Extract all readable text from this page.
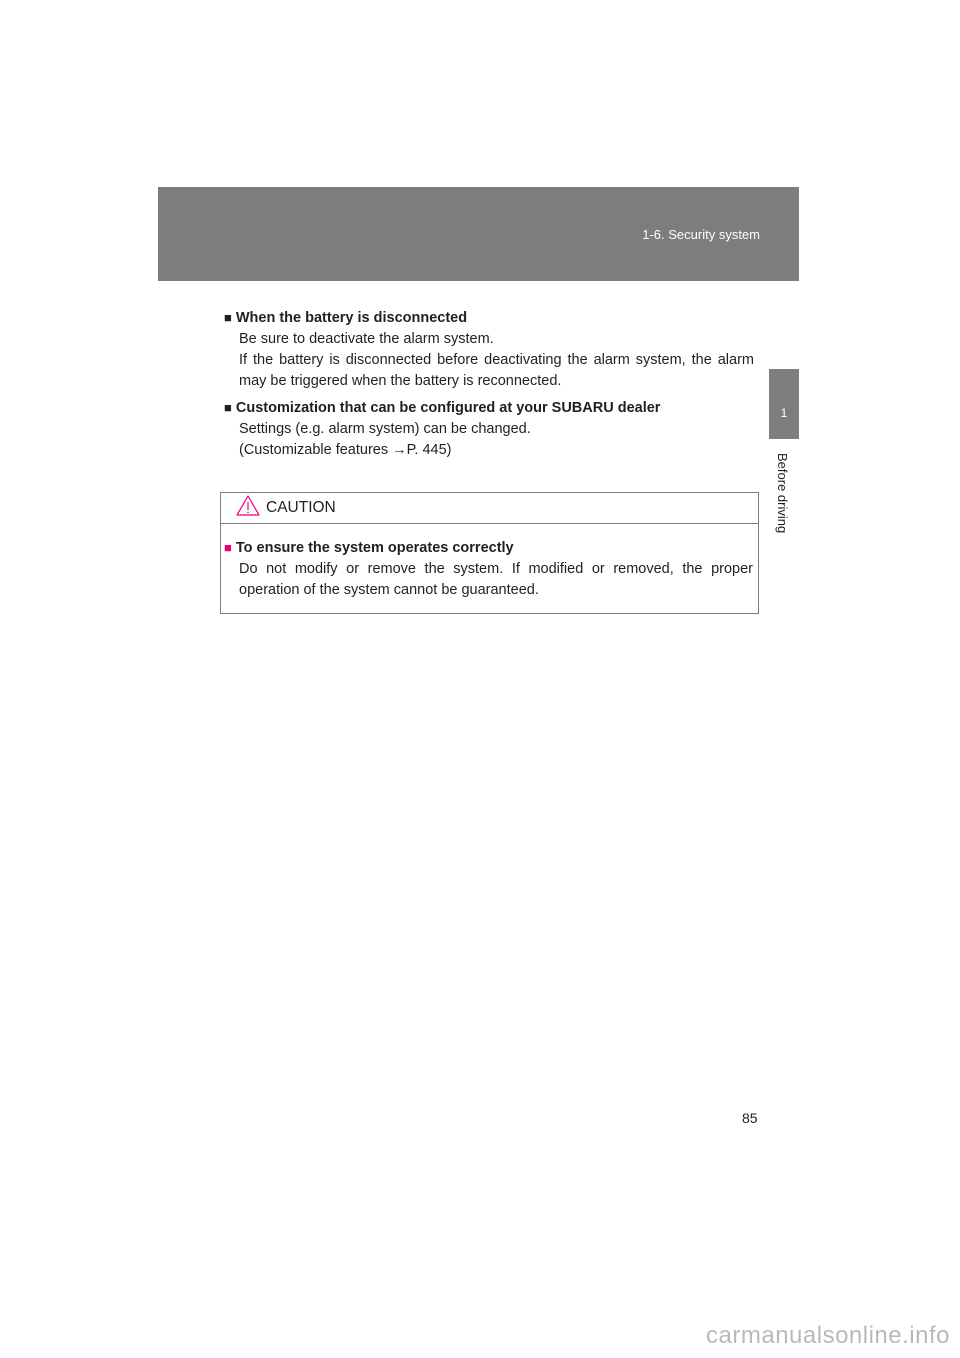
1-6. Security system
1
Before driving
■ When the battery is disconnected
Be sure to deactivate the alarm system.
If the battery is disconnected before deactivating the alarm system, the alarm may be triggered when the battery is reconnected.
■ Customization that can be configured at your SUBARU dealer
Settings (e.g. alarm system) can be changed.
(Customizable features →P. 445)
CAUTION
■ To ensure the system operates correctly
Do not modify or remove the system. If modified or removed, the proper operation of the system cannot be guaranteed.
85
carmanualsonline.info
